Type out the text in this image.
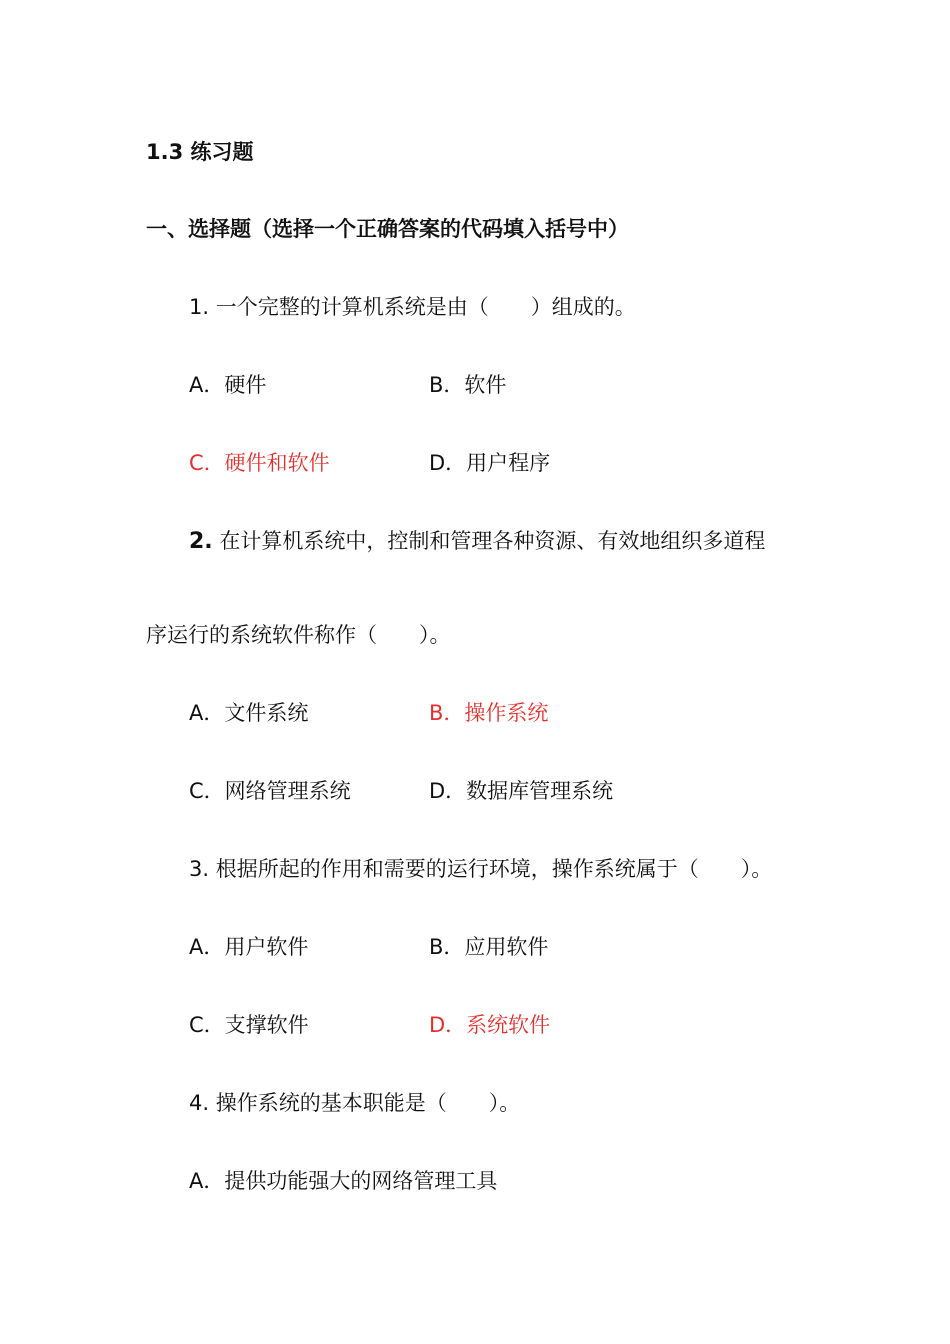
1.3 练习题
一、选择题（选择一个正确答案的代码填入括号中）
1. 一个完整的计算机系统是由（　　）组成的。
A．硬件	B．软件
C．硬件和软件	D．用户程序
2. 在计算机系统中，控制和管理各种资源、有效地组织多道程
序运行的系统软件称作（　　）。
A．文件系统	B．操作系统
C．网络管理系统	D．数据库管理系统
3. 根据所起的作用和需要的运行环境，操作系统属于（　　）。
A．用户软件	B．应用软件
C．支撑软件	D．系统软件
4. 操作系统的基本职能是（　　）。
A．提供功能强大的网络管理工具
